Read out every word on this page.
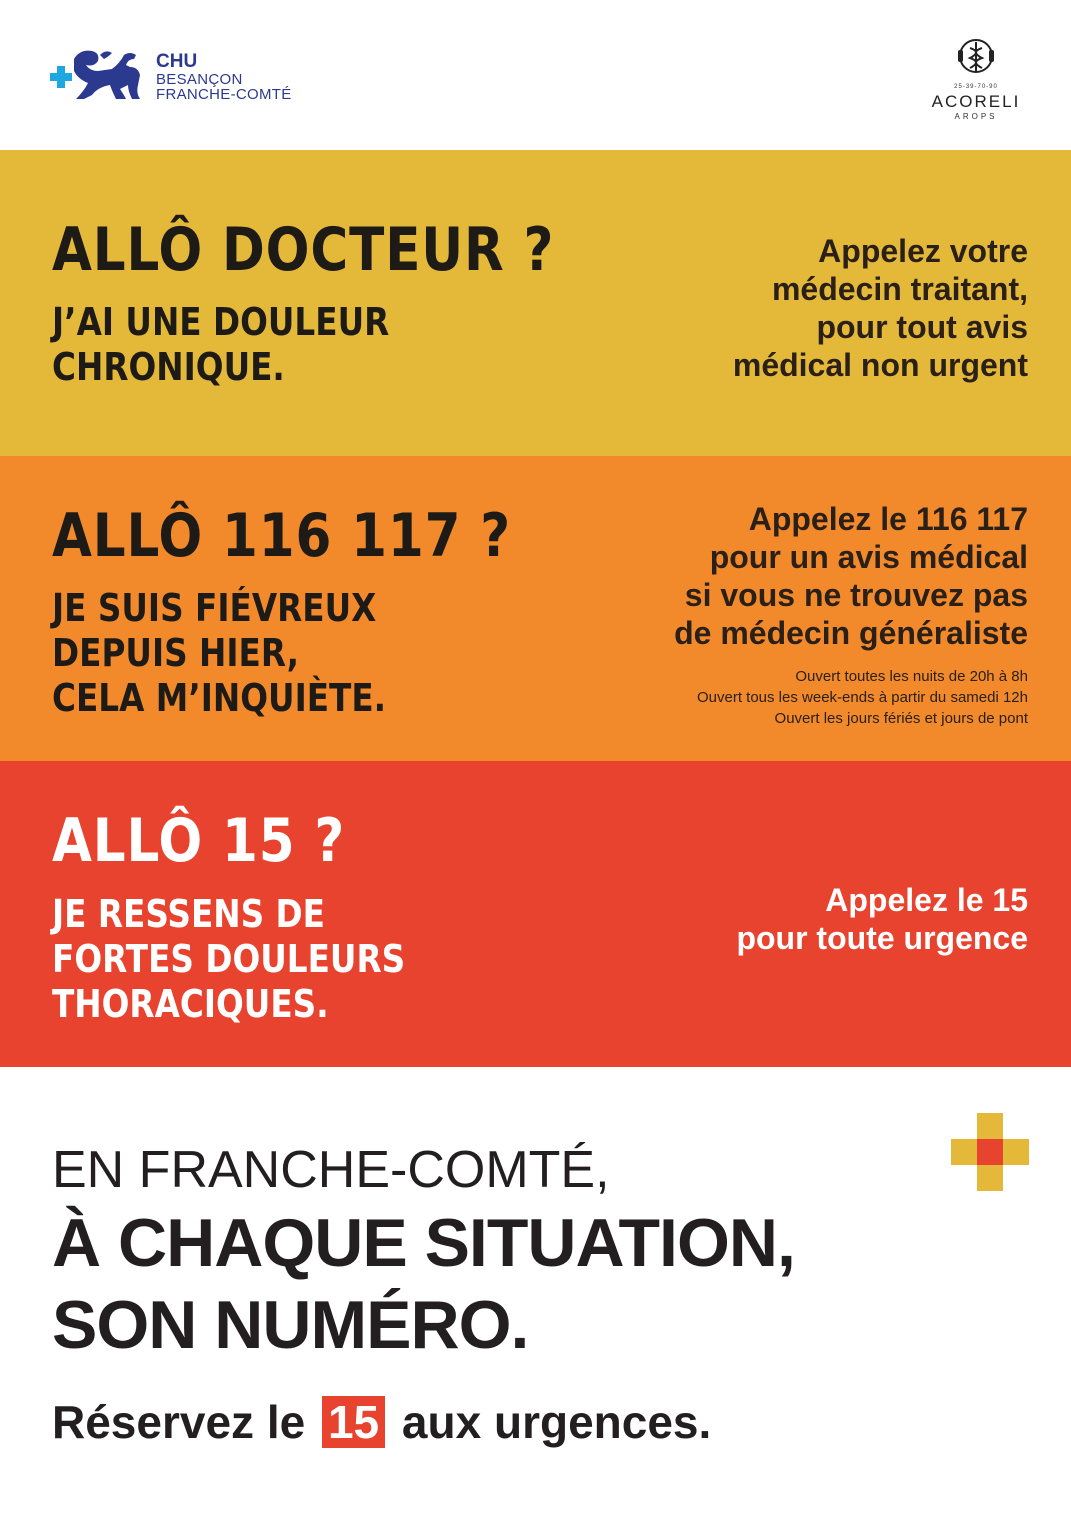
CHU
BESANÇON
FRANCHE-COMTÉ	25-39-70-90
ACORELI
AROPS
ALLÔ DOCTEUR ?
J’AI UNE DOULEUR
CHRONIQUE.
Appelez votre
médecin traitant,
pour tout avis
médical non urgent
ALLÔ 116 117 ?
JE SUIS FIÉVREUX
DEPUIS HIER,
CELA M’INQUIÈTE.
Appelez le 116 117
pour un avis médical
si vous ne trouvez pas
de médecin généraliste
Ouvert toutes les nuits de 20h à 8h
Ouvert tous les week-ends à partir du samedi 12h
Ouvert les jours fériés et jours de pont
ALLÔ 15 ?
JE RESSENS DE
FORTES DOULEURS
THORACIQUES.
Appelez le 15
pour toute urgence
EN FRANCHE-COMTÉ,
À CHAQUE SITUATION,
SON NUMÉRO.
Réservez le 15 aux urgences.
